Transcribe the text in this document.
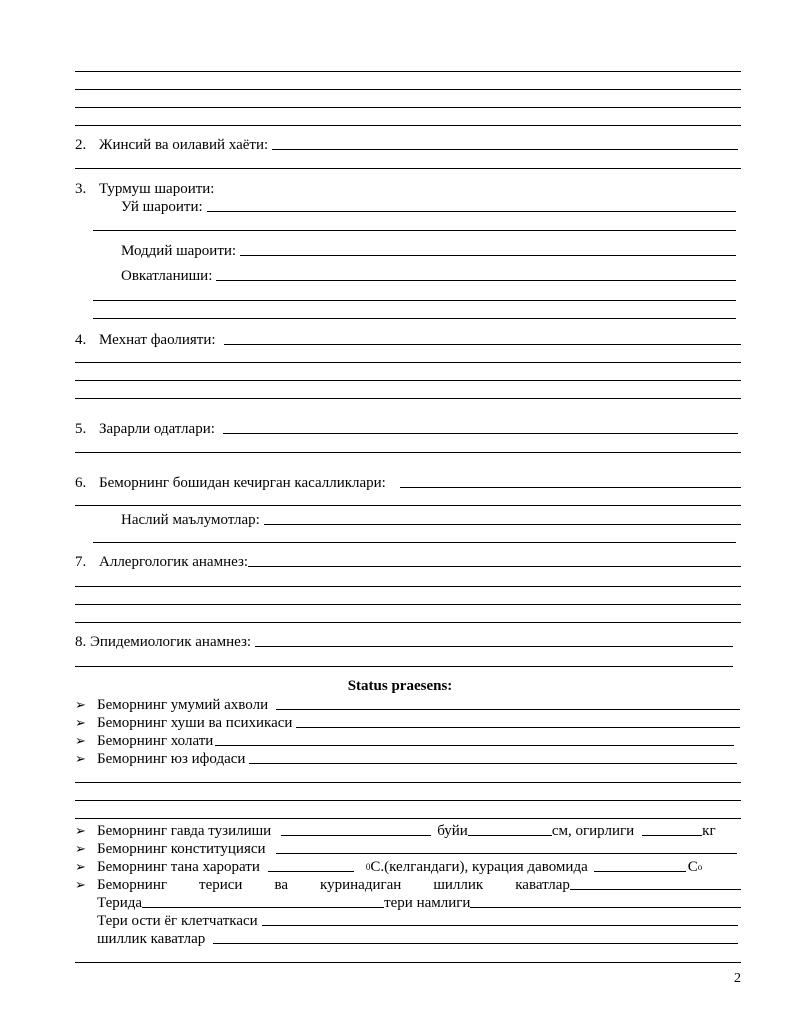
2. Жинсий ва оилавий хаёти:
3. Турмуш шароити:
Уй шароити:
Моддий шароити:
Овкатланиши:
4. Мехнат фаолияти:
5. Зарарли одатлари:
6. Беморнинг бошидан кечирган касалликлари:
Наслий маълумотлар:
7. Аллергологик анамнез:
8. Эпидемиологик анамнез:
Status praesens:
➢ Беморнинг умумий ахволи
➢ Беморнинг хуши ва психикаси
➢ Беморнинг холати
➢ Беморнинг юз ифодаси
➢ Беморнинг гавда тузилиши	буйи	см, огирлиги	кг
➢ Беморнинг конституцияси
➢ Беморнинг тана харорати	$^0$ С.(келгандаги), курация давомида	С о
➢ Беморнинг териси ва куринадиган шиллик каватлар
Терида	тери намлиги
Тери ости ёг клетчаткаси
шиллик каватлар
2
